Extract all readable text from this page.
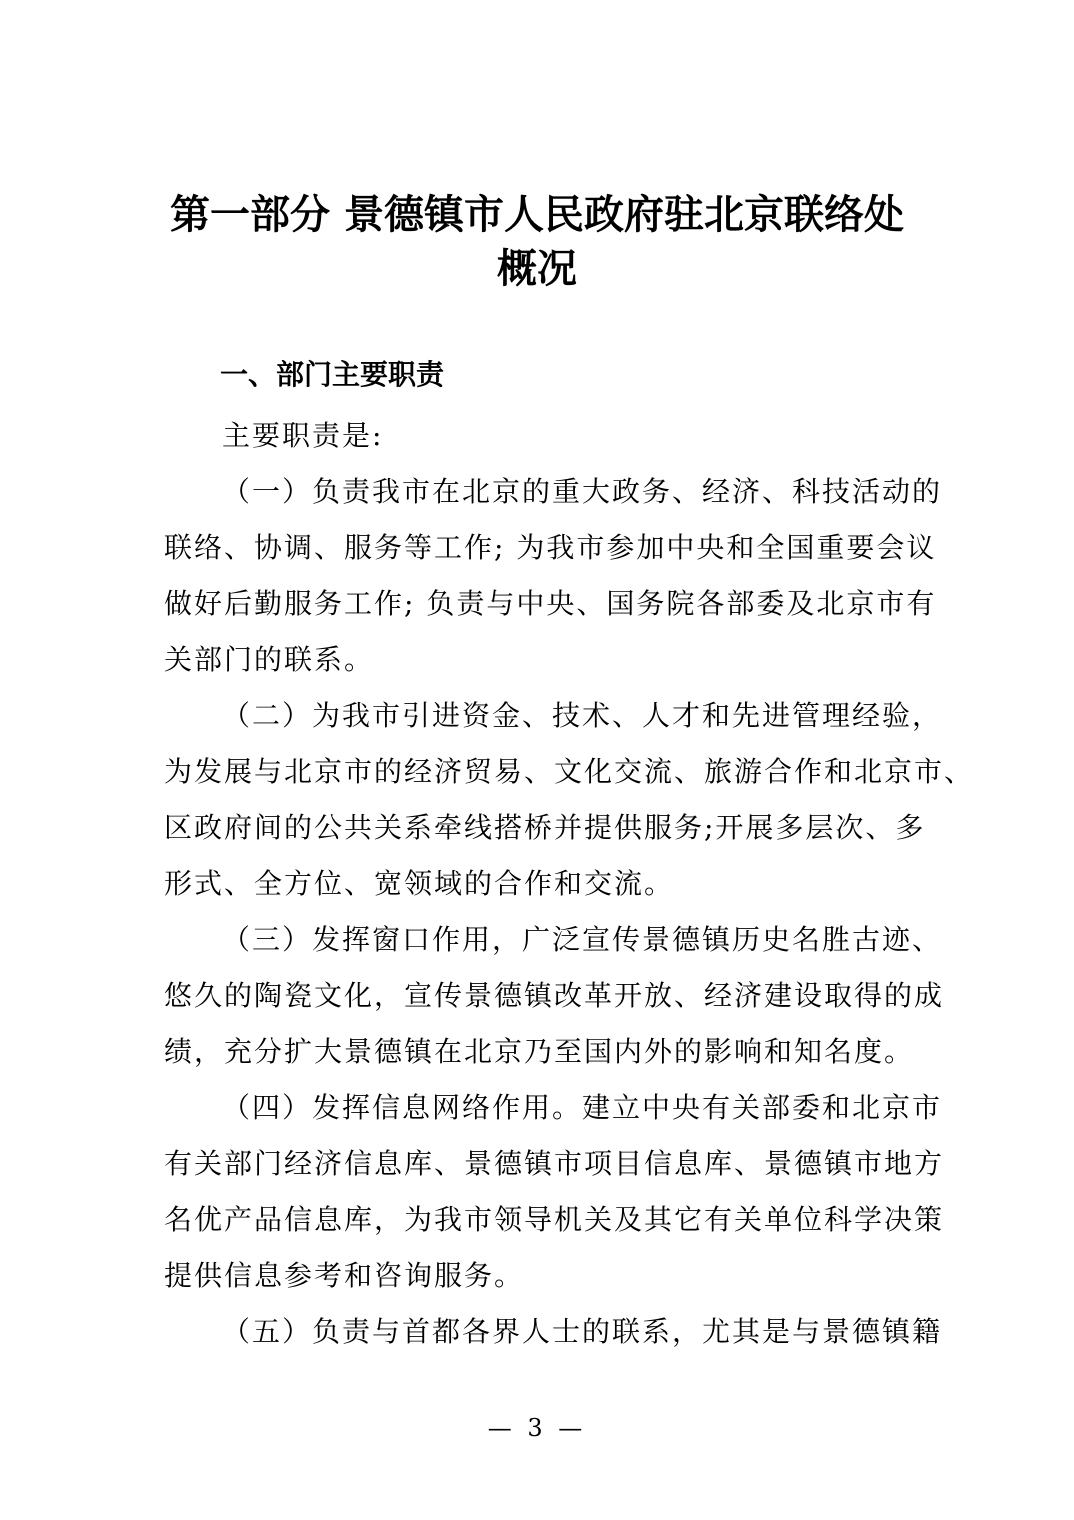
第一部分 景德镇市人民政府驻北京联络处
概况
一、部门主要职责

主要职责是:

（一）负责我市在北京的重大政务、经济、科技活动的
联络、协调、服务等工作; 为我市参加中央和全国重要会议
做好后勤服务工作; 负责与中央、国务院各部委及北京市有
关部门的联系。

（二）为我市引进资金、技术、人才和先进管理经验，
为发展与北京市的经济贸易、文化交流、旅游合作和北京市、
区政府间的公共关系牵线搭桥并提供服务;开展多层次、多
形式、全方位、宽领域的合作和交流。

（三）发挥窗口作用，广泛宣传景德镇历史名胜古迹、
悠久的陶瓷文化，宣传景德镇改革开放、经济建设取得的成
绩，充分扩大景德镇在北京乃至国内外的影响和知名度。

（四）发挥信息网络作用。建立中央有关部委和北京市
有关部门经济信息库、景德镇市项目信息库、景德镇市地方
名优产品信息库，为我市领导机关及其它有关单位科学决策
提供信息参考和咨询服务。

（五）负责与首都各界人士的联系，尤其是与景德镇籍

— 3 —
